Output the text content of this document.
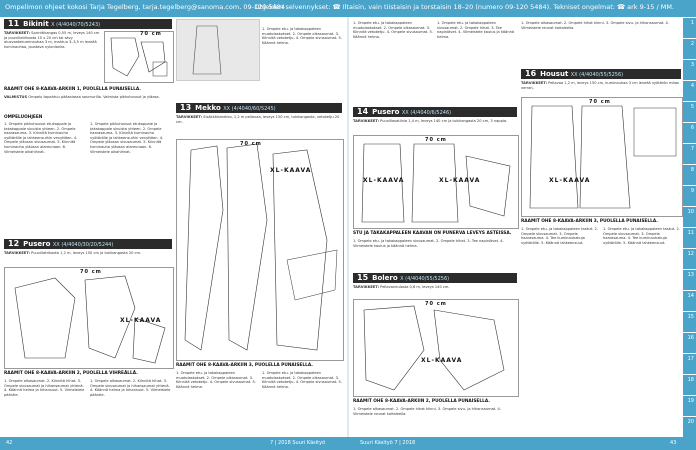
Ompelimon ohjeet kokosi Tarja Tegelberg, tarja.tegelberg@sanoma.com, 09-120 5484
Ohjeiden selvennykset: ☎ Iltaisin, vain tiistaisin ja torstaisin 18–20 (numero 09-120 5484). Tekniset ongelmat: ☎ ark 9-15 / MM.
11 Bikinit X (4/4040/70/5243)
TARVIKKEET: Sprinttikangas 0,55 m, leveys 140 cm ja puuvillatrikoota 15 x 20 cm tai sävy alusvaatekuminauhaa 3 m, mahtuu 3–3,5 m leveää kuminauhaa, joustava nylonlanka.
70 cm
RAAMIT OHE 8-KAAVA-ARKIIN 1, PUOLELLA PUNAISELLA.
VALMISTUS Ompelu tapahtuu pääasiassa saumurilla. Valmista pikkuhousut ja yläosa.
OMPELUOHJEEN
1. Ompele pikkuhousut etukappale ja takakappale sivuista yhteen. 2. Ompele haarasauma. 3. Kiinnitä kuminauha vyötärölle ja lahkeensuihin venyttäen. 4. Ompele yläosan sivusaumat. 5. Kiinnitä kuminauha yläosan alareunaan. 6. Viimeistele olkahihnat.
1. Ompele pikkuhousut etukappale ja takakappale sivuista yhteen. 2. Ompele haarasauma. 3. Kiinnitä kuminauha vyötärölle ja lahkeensuihin venyttäen. 4. Ompele yläosan sivusaumat. 5. Kiinnitä kuminauha yläosan alareunaan. 6. Viimeistele olkahihnat.
13 Mekko XX (4/4040/60/5245)
TARVIKKEET: Sisäkkäismekko, 1,2 m pellavaa, leveys 150 cm, tukikangasta, vetoketju 20 cm.
1. Ompele etu- ja takakappaleen muotolaskokset. 2. Ompele olkasaumat. 3. Kiinnitä vetoketju. 4. Ompele sivusaumat. 5. Käännä helma.
12 Pusero XX (4/4040/30/20/5244)
TARVIKKEET: Puuvillatrikoota 1,2 m, leveys 150 cm ja tukikangasta 20 cm.
XL-KAAVA
70 cm
RAAMIT OHE 8-KAAVA-ARKIIN 2, PUOLELLA VIHREÄLLÄ.
1. Ompele olkasaumat. 2. Kiinnitä hihat. 3. Ompele sivusaumat ja hihansaumat yhtenä. 4. Käännä helma ja hihansuut. 5. Viimeistele pääntie.
1. Ompele olkasaumat. 2. Kiinnitä hihat. 3. Ompele sivusaumat ja hihansaumat yhtenä. 4. Käännä helma ja hihansuut. 5. Viimeistele pääntie.
XL-KAAVA
70 cm
RAAMIT OHE 8-KAAVA-ARKIIN 3, PUOLELLA PUNAISELLA.
1. Ompele etu- ja takakappaleen muotolaskokset. 2. Ompele olkasaumat. 3. Kiinnitä vetoketju. 4. Ompele sivusaumat. 5. Käännä helma.
1. Ompele etu- ja takakappaleen muotolaskokset. 2. Ompele olkasaumat. 3. Kiinnitä vetoketju. 4. Ompele sivusaumat. 5. Käännä helma.
1. Ompele etu- ja takakappaleen muotolaskokset. 2. Ompele olkasaumat. 3. Kiinnitä vetoketju. 4. Ompele sivusaumat. 5. Käännä helma.
1. Ompele etu- ja takakappaleen sivusaumat. 2. Ompele hihat. 3. Tee napinlävet. 4. Viimeistele kaulus ja käännä helma.
14 Pusero XX (4/4040/6/5246)
TARVIKKEET: Puuvillasatiinia 1,4 m, leveys 140 cm ja tukikangasta 20 cm, 3 nappia.
XL-KAAVA	XL-KAAVA
70 cm
STU JA TAKAKAPPALEEN KAAVAN ON PUNERVA LEVEYS ASTEISSA.
1. Ompele etu- ja takakappaleen sivusaumat. 2. Ompele hihat. 3. Tee napinlävet. 4. Viimeistele kaulus ja käännä helma.
15 Bolero X (4/4040/55/5256)
TARVIKKEET: Pellavaneulosta 0,6 m, leveys 140 cm.
XL-KAAVA
70 cm
RAAMIT OHE 8-KAAVA-ARKIIN 2, PUOLELLA PUNAISELLA.
1. Ompele olkasaumat. 2. Ompele hihat kiinni. 3. Ompele sivu- ja hihansaumat. 4. Viimeistele reunat kaitaleella.
16 Housut XX (4/4040/55/5256)
TARVIKKEET: Pellavaa 1,2 m, leveys 150 cm, kuminauhaa 3 cm leveää vyötärön mitan verran.
XL-KAAVA
70 cm
RAAMIT OHE 8-KAAVA-ARKIIN 3, PUOLELLA PUNAISELLA.
1. Ompele etu- ja takakappaleen taskut. 2. Ompele sivusaumat. 3. Ompele haarasauma. 4. Tee kuminauhakuja vyötärölle. 5. Käännä lahkeensuut.
1. Ompele etu- ja takakappaleen taskut. 2. Ompele sivusaumat. 3. Ompele haarasauma. 4. Tee kuminauhakuja vyötärölle. 5. Käännä lahkeensuut.
1. Ompele olkasaumat. 2. Ompele hihat kiinni. 3. Ompele sivu- ja hihansaumat. 4. Viimeistele reunat kaitaleella.
1
2
3
4
5
6
7
8
9
10
11
12
13
14
15
16
17
18
19
20
42	7 | 2018 Suuri Käsityö	Suuri Käsityö 7 | 2018	43
